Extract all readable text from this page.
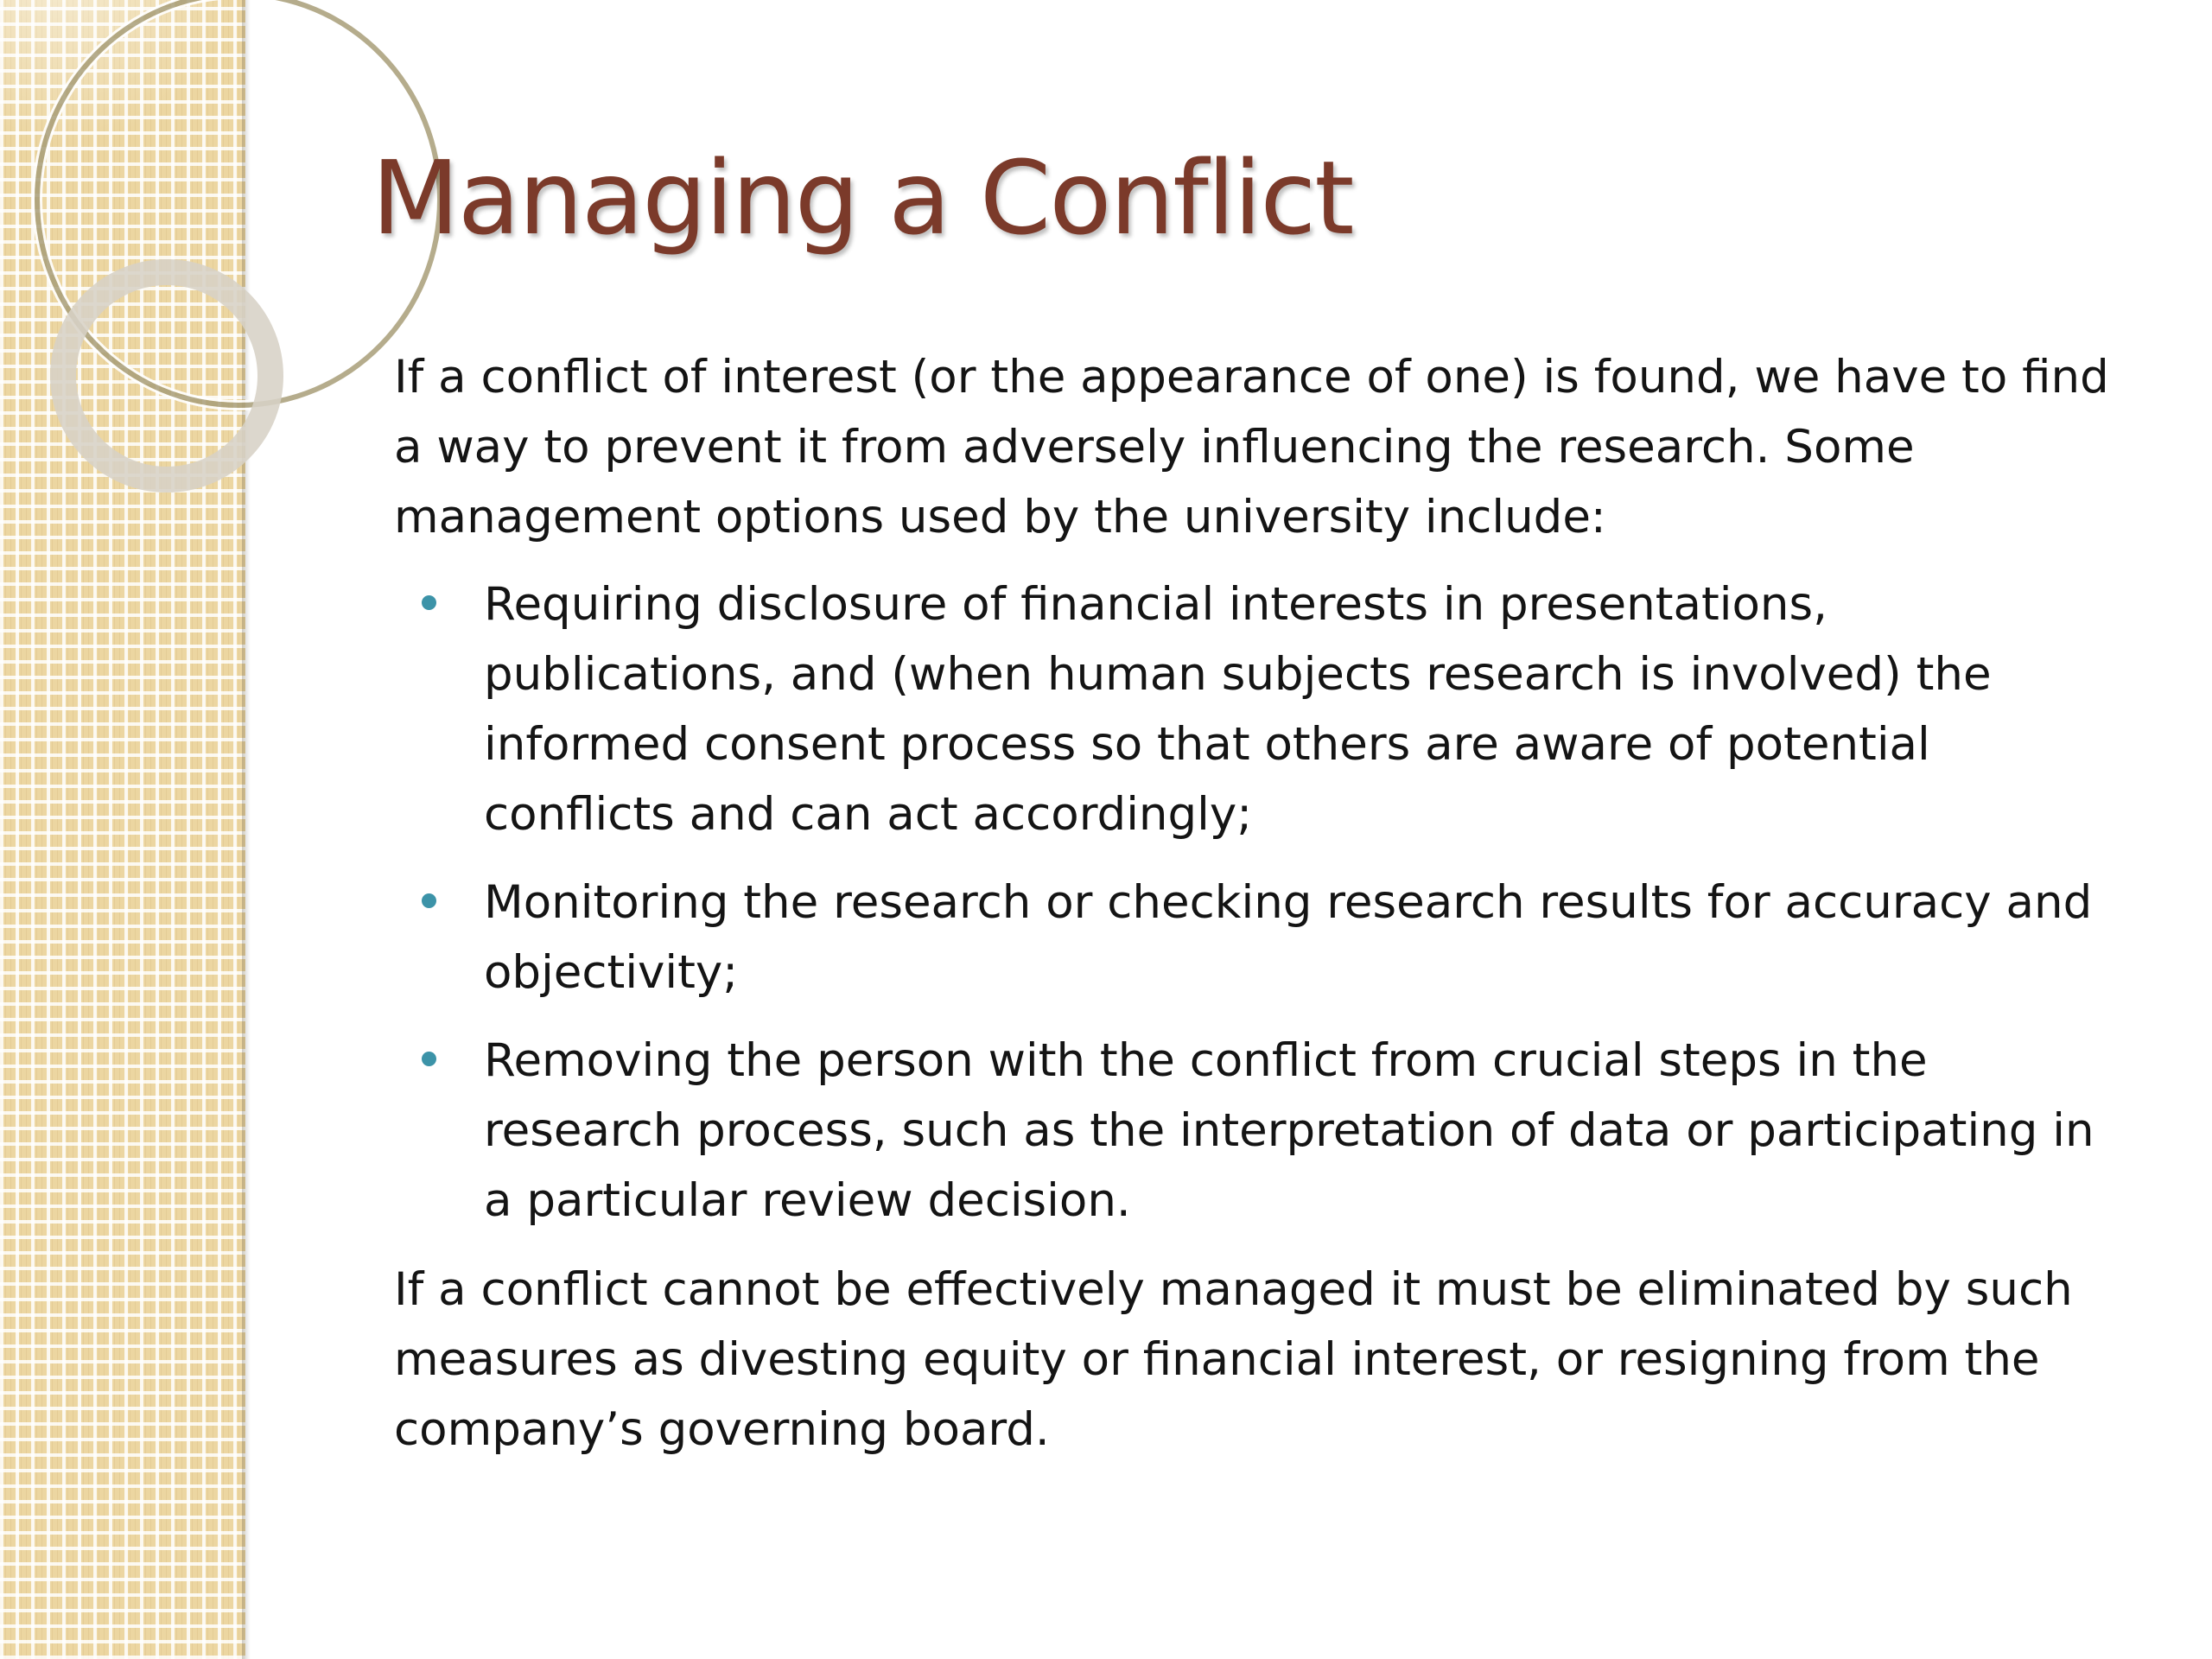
Managing a Conflict

If a conflict of interest (or the appearance of one) is found, we have to find a way to prevent it from adversely influencing the research. Some management options used by the university include:

Requiring disclosure of financial interests in presentations, publications, and (when human subjects research is involved) the informed consent process so that others are aware of potential conflicts and can act accordingly;
Monitoring the research or checking research results for accuracy and objectivity;
Removing the person with the conflict from crucial steps in the research process, such as the interpretation of data or participating in a particular review decision.

If a conflict cannot be effectively managed it must be eliminated by such measures as divesting equity or financial interest, or resigning from the company’s governing board.
